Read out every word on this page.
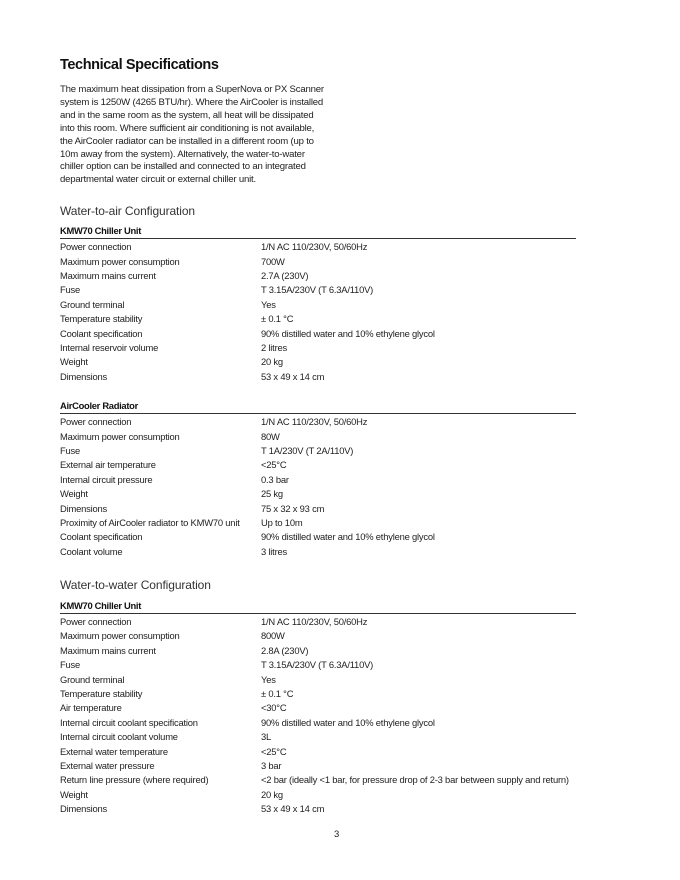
Technical Specifications

The maximum heat dissipation from a SuperNova or PX Scanner
system is 1250W (4265 BTU/hr). Where the AirCooler is installed
and in the same room as the system, all heat will be dissipated
into this room. Where sufficient air conditioning is not available,
the AirCooler radiator can be installed in a different room (up to
10m away from the system). Alternatively, the water-to-water
chiller option can be installed and connected to an integrated
departmental water circuit or external chiller unit.

Water-to-air Configuration
KMW70 Chiller Unit
Power connection	1/N AC 110/230V, 50/60Hz
Maximum power consumption	700W
Maximum mains current	2.7A (230V)
Fuse	T 3.15A/230V (T 6.3A/110V)
Ground terminal	Yes
Temperature stability	± 0.1 °C
Coolant specification	90% distilled water and 10% ethylene glycol
Internal reservoir volume	2 litres
Weight	20 kg
Dimensions	53 x 49 x 14 cm
AirCooler Radiator
Power connection	1/N AC 110/230V, 50/60Hz
Maximum power consumption	80W
Fuse	T 1A/230V (T 2A/110V)
External air temperature	<25°C
Internal circuit pressure	0.3 bar
Weight	25 kg
Dimensions	75 x 32 x 93 cm
Proximity of AirCooler radiator to KMW70 unit	Up to 10m
Coolant specification	90% distilled water and 10% ethylene glycol
Coolant volume	3 litres
Water-to-water Configuration
KMW70 Chiller Unit
Power connection	1/N AC 110/230V, 50/60Hz
Maximum power consumption	800W
Maximum mains current	2.8A (230V)
Fuse	T 3.15A/230V (T 6.3A/110V)
Ground terminal	Yes
Temperature stability	± 0.1 °C
Air temperature	<30°C
Internal circuit coolant specification	90% distilled water and 10% ethylene glycol
Internal circuit coolant volume	3L
External water temperature	<25°C
External water pressure	3 bar
Return line pressure (where required)	<2 bar (ideally <1 bar, for pressure drop of 2-3 bar between supply and return)
Weight	20 kg
Dimensions	53 x 49 x 14 cm
3
